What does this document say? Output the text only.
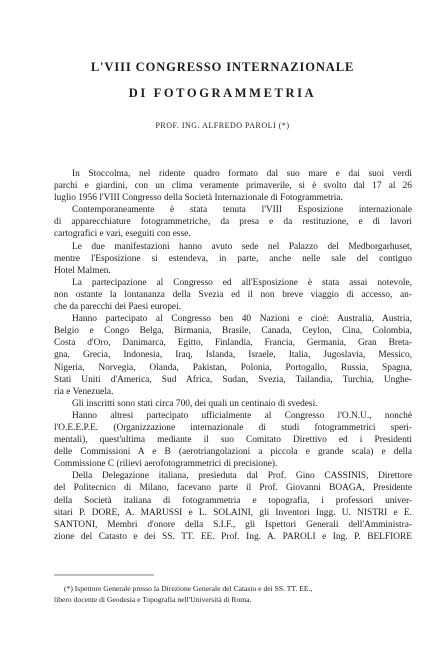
L'VIII CONGRESSO INTERNAZIONALE
DI FOTOGRAMMETRIA
PROF. ING. ALFREDO PAROLI (*)
In Stoccolma, nel ridente quadro formato dal suo mare e dai suoi verdi
parchi e giardini, con un clima veramente primaverile, si è svolto dal 17 al 26
luglio 1956 l'VIII Congresso della Società Internazionale di Fotogrammetria.
Contemporaneamente è stata tenuta l'VIII Esposizione internazionale
di apparecchiature fotogrammetriche, da presa e da restituzione, e di lavori
cartografici e vari, eseguiti con esse.
Le due manifestazioni hanno avuto sede nel Palazzo del Medborgarhuset,
mentre l'Esposizione si estendeva, in parte, anche nelle sale del contiguo
Hotel Malmen.
La partecipazione al Congresso ed all'Esposizione è stata assai notevole,
non ostante la lontananza della Svezia ed il non breve viaggio di accesso, an-
che da parecchi dei Paesi europei.
Hanno partecipato al Congresso ben 40 Nazioni e cioè: Australia, Austria,
Belgio e Congo Belga, Birmania, Brasile, Canada, Ceylon, Cina, Colombia,
Costa d'Oro, Danimarca, Egitto, Finlandia, Francia, Germania, Gran Breta-
gna, Grecia, Indonesia, Iraq, Islanda, Israele, Italia, Jugoslavia, Messico,
Nigeria, Norvegia, Olanda, Pakistan, Polonia, Portogallo, Russia, Spagna,
Stati Uniti d'America, Sud Africa, Sudan, Svezia, Tailandia, Turchia, Unghe-
ria e Venezuela.
Gli inscritti sono stati circa 700, dei quali un centinaio di svedesi.
Hanno altresì partecipato ufficialmente al Congresso l'O.N.U., nonché
l'O.E.E.P.E. (Organizzazione internazionale di studi fotogrammetrici speri-
mentali), quest'ultima mediante il suo Comitato Direttivo ed i Presidenti
delle Commissioni A e B (aerotriangolazioni a piccola e grande scala) e della
Commissione C (rilievi aerofotogrammetrici di precisione).
Della Delegazione italiana, presieduta dal Prof. Gino CASSINIS, Direttore
del Politecnico di Milano, facevano parte il Prof. Giovanni BOAGA, Presidente
della Società italiana di fotogrammetria e topografia, i professori univer-
sitari P. DORE, A. MARUSSI e L. SOLAINI, gli Inventori Ingg. U. NISTRI e E.
SANTONI, Membri d'onore della S.I.F., gli Ispettori Generali dell'Amministra-
zione del Catasto e dei SS. TT. EE. Prof. Ing. A. PAROLI e Ing. P. BELFIORE
(*) Ispettore Generale presso la Direzione Generale del Catasto e dei SS. TT. EE.,
libero docente di Geodesia e Topografia nell'Università di Roma.
